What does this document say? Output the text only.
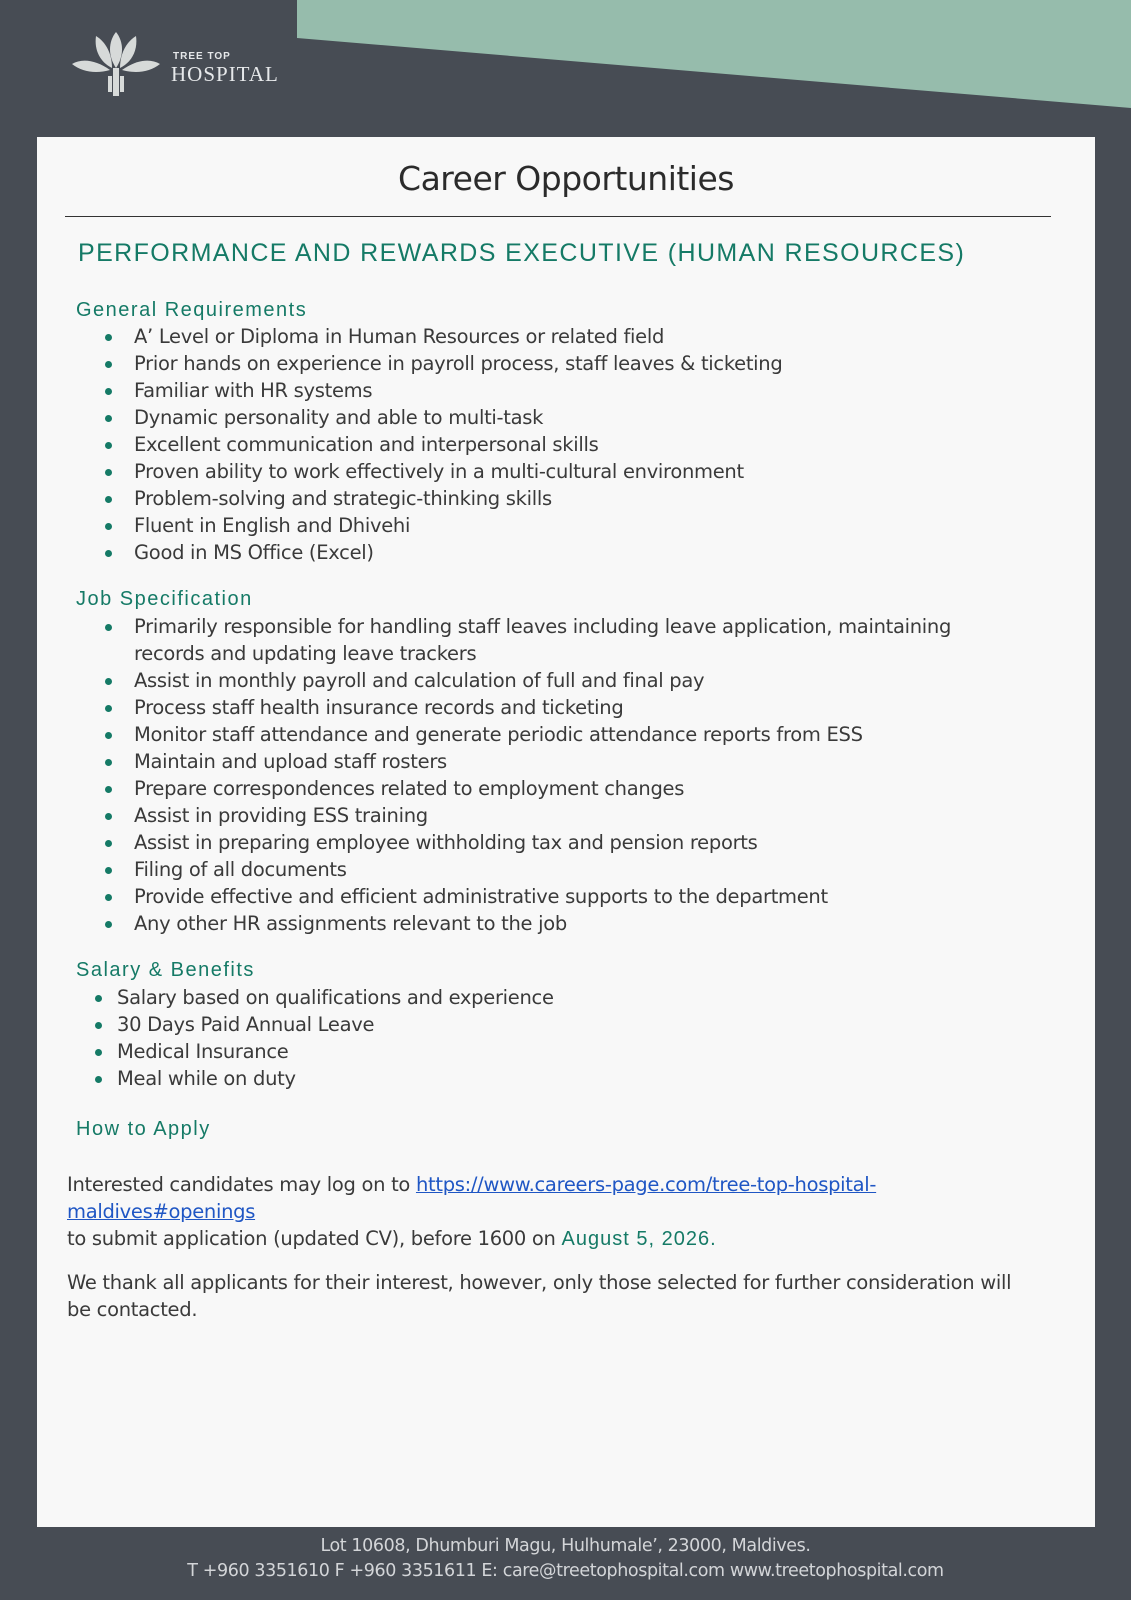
TREE TOP
HOSPITAL
Career Opportunities
PERFORMANCE AND REWARDS EXECUTIVE (HUMAN RESOURCES)
General Requirements
A’ Level or Diploma in Human Resources or related field
Prior hands on experience in payroll process, staff leaves & ticketing
Familiar with HR systems
Dynamic personality and able to multi-task
Excellent communication and interpersonal skills
Proven ability to work effectively in a multi-cultural environment
Problem-solving and strategic-thinking skills
Fluent in English and Dhivehi
Good in MS Office (Excel)
Job Specification
Primarily responsible for handling staff leaves including leave application, maintaining records and updating leave trackers
Assist in monthly payroll and calculation of full and final pay
Process staff health insurance records and ticketing
Monitor staff attendance and generate periodic attendance reports from ESS
Maintain and upload staff rosters
Prepare correspondences related to employment changes
Assist in providing ESS training
Assist in preparing employee withholding tax and pension reports
Filing of all documents
Provide effective and efficient administrative supports to the department
Any other HR assignments relevant to the job
Salary & Benefits
Salary based on qualifications and experience
30 Days Paid Annual Leave
Medical Insurance
Meal while on duty
How to Apply
Interested candidates may log on to https://www.careers-page.com/tree-top-hospital-maldives#openings
to submit application (updated CV), before 1600 on August 5, 2026.
We thank all applicants for their interest, however, only those selected for further consideration will be contacted.
Lot 10608, Dhumburi Magu, Hulhumale’, 23000, Maldives.
T +960 3351610 F +960 3351611 E: care@treetophospital.com www.treetophospital.com
